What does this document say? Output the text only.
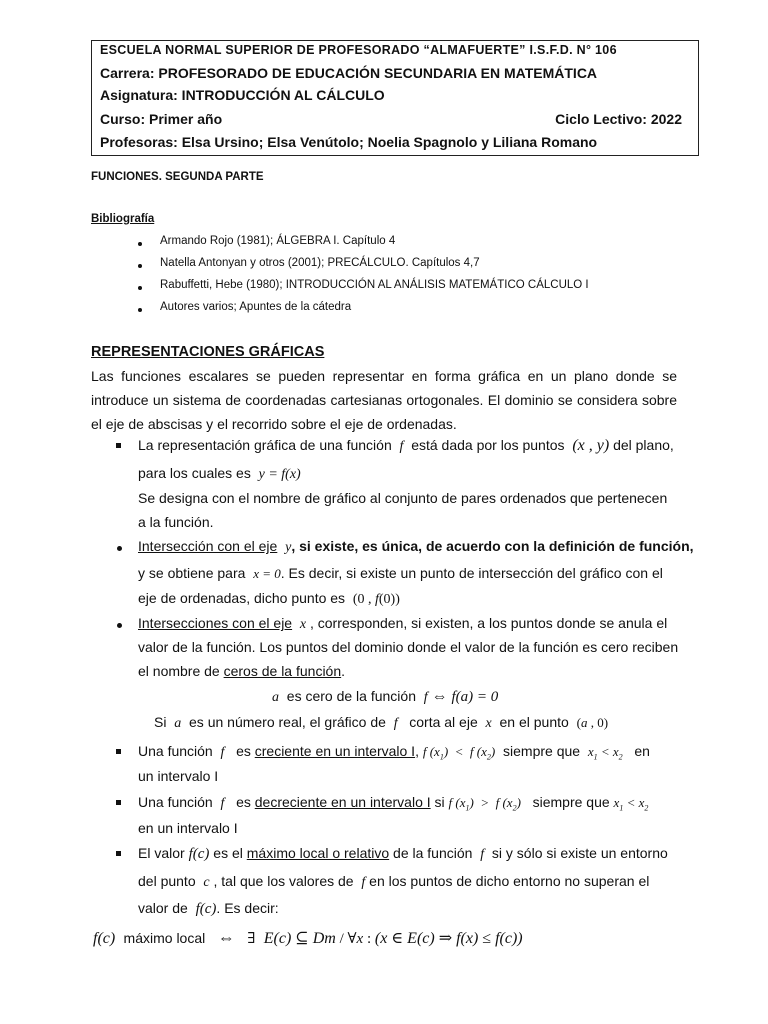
ESCUELA NORMAL SUPERIOR DE PROFESORADO “ALMAFUERTE” I.S.F.D. N° 106
Carrera: PROFESORADO DE EDUCACIÓN SECUNDARIA EN MATEMÁTICA
Asignatura: INTRODUCCIÓN AL CÁLCULO
Curso: Primer año	Ciclo Lectivo: 2022
Profesoras: Elsa Ursino; Elsa Venútolo; Noelia Spagnolo y Liliana Romano
FUNCIONES. SEGUNDA PARTE
Bibliografía
Armando Rojo (1981); ÁLGEBRA I. Capítulo 4
Natella Antonyan y otros (2001); PRECÁLCULO. Capítulos 4,7
Rabuffetti, Hebe (1980); INTRODUCCIÓN AL ANÁLISIS MATEMÁTICO CÁLCULO I
Autores varios; Apuntes de la cátedra
REPRESENTACIONES GRÁFICAS
Las funciones escalares se pueden representar en forma gráfica en un plano donde se
introduce un sistema de coordenadas cartesianas ortogonales. El dominio se considera sobre
el eje de abscisas y el recorrido sobre el eje de ordenadas.
La representación gráfica de una función f está dada por los puntos (x , y) del plano,
para los cuales es y = f(x)
Se designa con el nombre de gráfico al conjunto de pares ordenados que pertenecen
a la función.
Intersección con el eje y, si existe, es única, de acuerdo con la definición de función,
y se obtiene para x = 0. Es decir, si existe un punto de intersección del gráfico con el
eje de ordenadas, dicho punto es (0 , f(0))
Intersecciones con el eje x , corresponden, si existen, a los puntos donde se anula el
valor de la función. Los puntos del dominio donde el valor de la función es cero reciben
el nombre de ceros de la función.
a es cero de la función f ⇔ f(a) = 0
Si a es un número real, el gráfico de f corta al eje x en el punto (a , 0)
Una función f es creciente en un intervalo I, f $(x_1) < f$ $(x_2)$ siempre que $x_1 < x_2$ en
un intervalo I
Una función f es decreciente en un intervalo I si f $(x_1) > f$ $(x_2)$ siempre que $x_1 < x_2$
en un intervalo I
El valor f(c) es el máximo local o relativo de la función f si y sólo si existe un entorno
del punto c , tal que los valores de f en los puntos de dicho entorno no superan el
valor de f(c). Es decir:
f(c) máximo local ⇔ ∃ E(c) ⊆ Dm / ∀x : (x ∈ E(c) ⇒ f(x) ≤ f(c))
